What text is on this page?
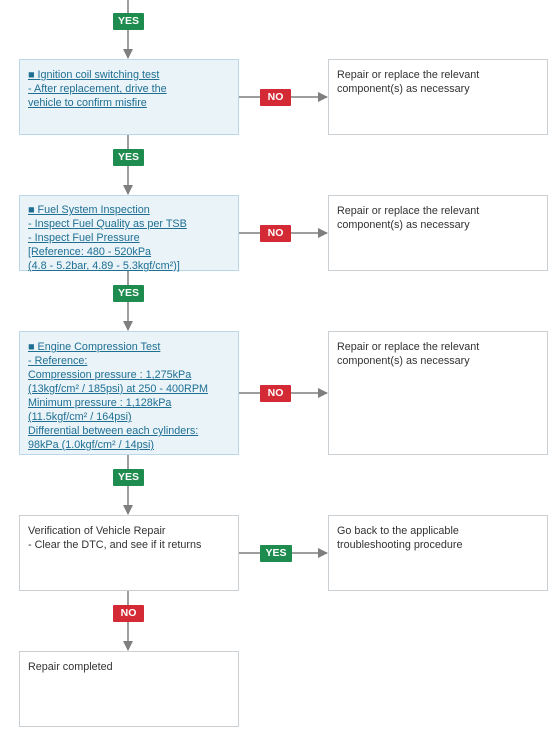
■ Ignition coil switching test
- After replacement, drive the
vehicle to confirm misfire
■ Fuel System Inspection
- Inspect Fuel Quality as per TSB
- Inspect Fuel Pressure
[Reference: 480 - 520kPa
(4.8 - 5.2bar, 4.89 - 5.3kgf/cm²)]
■ Engine Compression Test
- Reference:
Compression pressure : 1,275kPa
(13kgf/cm² / 185psi) at 250 - 400RPM
Minimum pressure : 1,128kPa
(11.5kgf/cm² / 164psi)
Differential between each cylinders:
98kPa (1.0kgf/cm² / 14psi)
Verification of Vehicle Repair
- Clear the DTC, and see if it returns
Repair completed
Repair or replace the relevant
component(s) as necessary
Repair or replace the relevant
component(s) as necessary
Repair or replace the relevant
component(s) as necessary
Go back to the applicable
troubleshooting procedure
YES
YES
YES
YES
NO
NO
NO
NO
YES
